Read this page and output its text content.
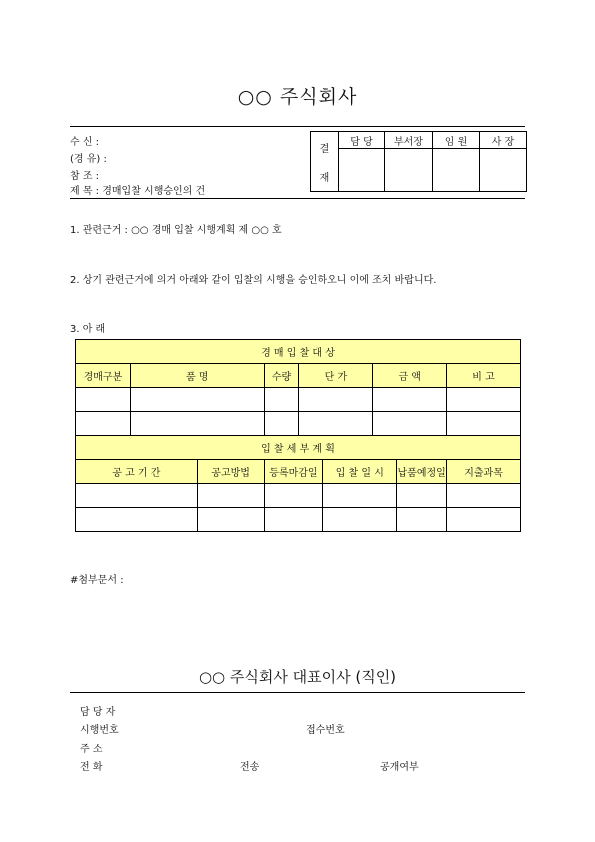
○○ 주식회사
수 신 :
(경 유) :
참 조 :
제 목 : 경매입찰 시행승인의 건
결
재	담 당	부서장	임 원	사 장

1. 관련근거 : ○○ 경매 입찰 시행계획 제 ○○ 호
2. 상기 관련근거에 의거 아래와 같이 입찰의 시행을 승인하오니 이에 조치 바랍니다.
3. 아 래
경 매 입 찰 대 상								
경매구분	품 명		수량	단 가		금 액		비 고

입 찰 세 부 계 획								
공 고 기 간		공고방법	등록마감일		입 찰 일 시		납품예정일	지출과목

#첨부문서 :
○○ 주식회사 대표이사 (직인)
담 당 자
시행번호	접수번호
주 소
전 화	전송	공개여부
